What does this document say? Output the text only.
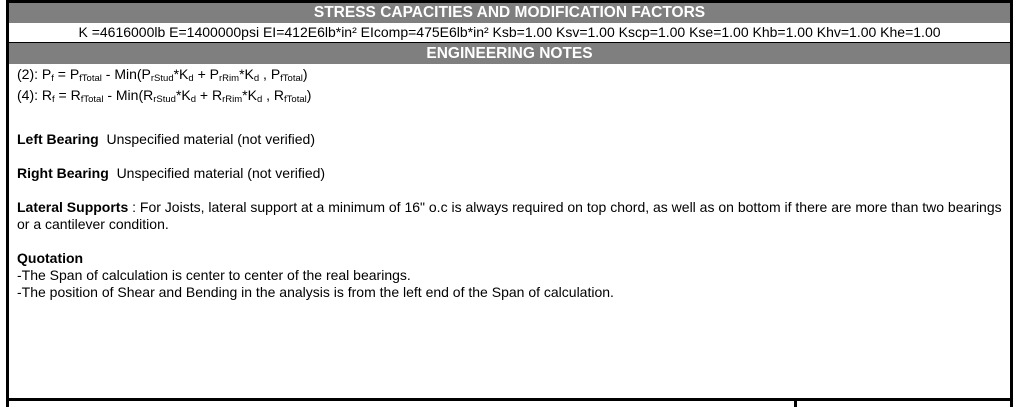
STRESS CAPACITIES AND MODIFICATION FACTORS
K =4616000lb E=1400000psi EI=412E6lb*in² EIcomp=475E6lb*in² Ksb=1.00 Ksv=1.00 Kscp=1.00 Kse=1.00 Khb=1.00 Khv=1.00 Khe=1.00
ENGINEERING NOTES
(2): $P_f = P_{fTotal} - Min(P_{rStud}*K_d + P_{rRim}*K_d$ , $P_{fTotal}$)
(4): $R_f = R_{fTotal} - Min(R_{rStud}*K_d + R_{rRim}*K_d$ , $R_{fTotal}$)
Left Bearing Unspecified material (not verified)
Right Bearing Unspecified material (not verified)
Lateral Supports : For Joists, lateral support at a minimum of 16" o.c is always required on top chord, as well as on bottom if there are more than two bearings or a cantilever condition.
Quotation
-The Span of calculation is center to center of the real bearings.
-The position of Shear and Bending in the analysis is from the left end of the Span of calculation.
